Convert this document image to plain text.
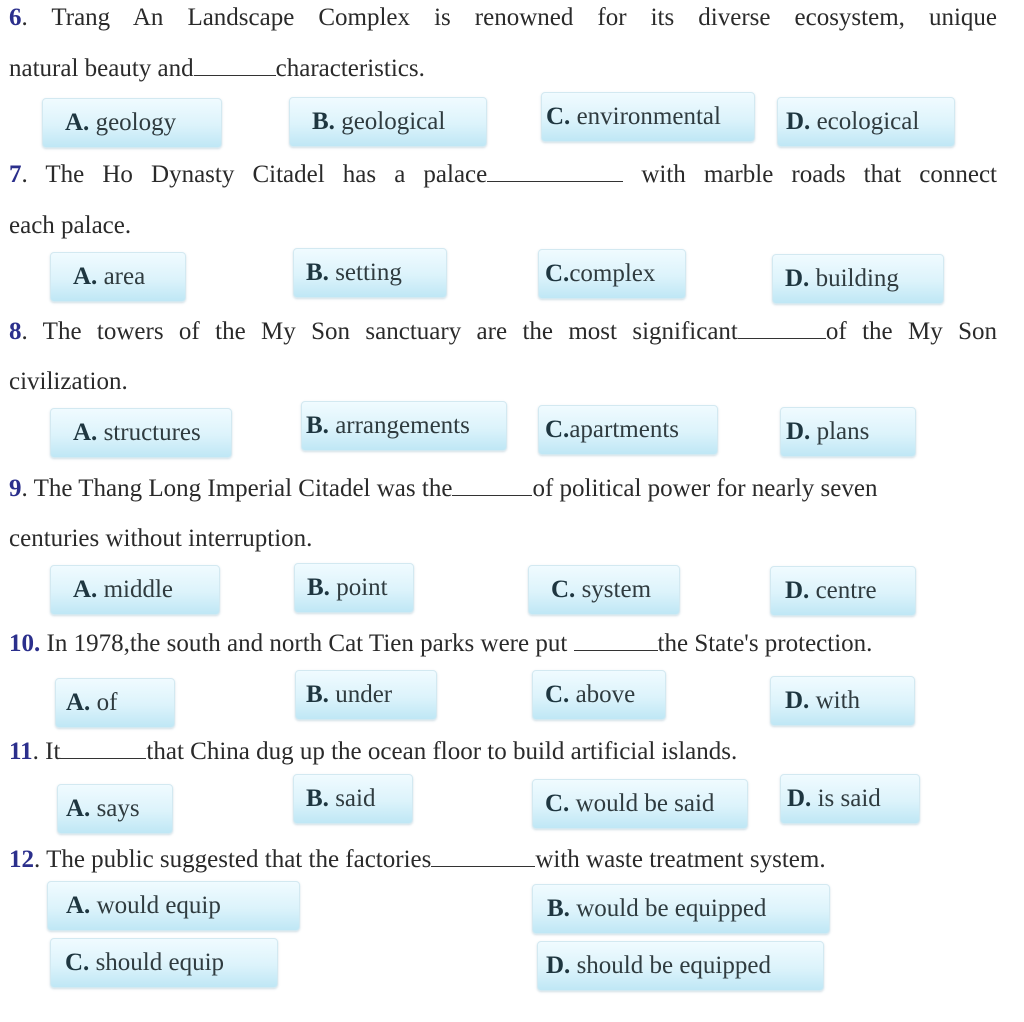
6. Trang An Landscape Complex is renowned for its diverse ecosystem, unique
natural beauty and	characteristics.
A. geology	B. geological	C. environmental	D. ecological
7. The Ho Dynasty Citadel has a palace	with marble roads that connect
each palace.
A. area	B. setting	C.complex	D. building
8. The towers of the My Son sanctuary are the most significant	of the My Son
civilization.
A. structures	B. arrangements	C.apartments	D. plans
9. The Thang Long Imperial Citadel was the	of political power for nearly seven
centuries without interruption.
A. middle	B. point	C. system	D. centre
10. In 1978,the south and north Cat Tien parks were put	the State's protection.
A. of	B. under	C. above	D. with
11. It	that China dug up the ocean floor to build artificial islands.
A. says	B. said	C. would be said	D. is said
12. The public suggested that the factories	with waste treatment system.
A. would equip	B. would be equipped
C. should equip	D. should be equipped
